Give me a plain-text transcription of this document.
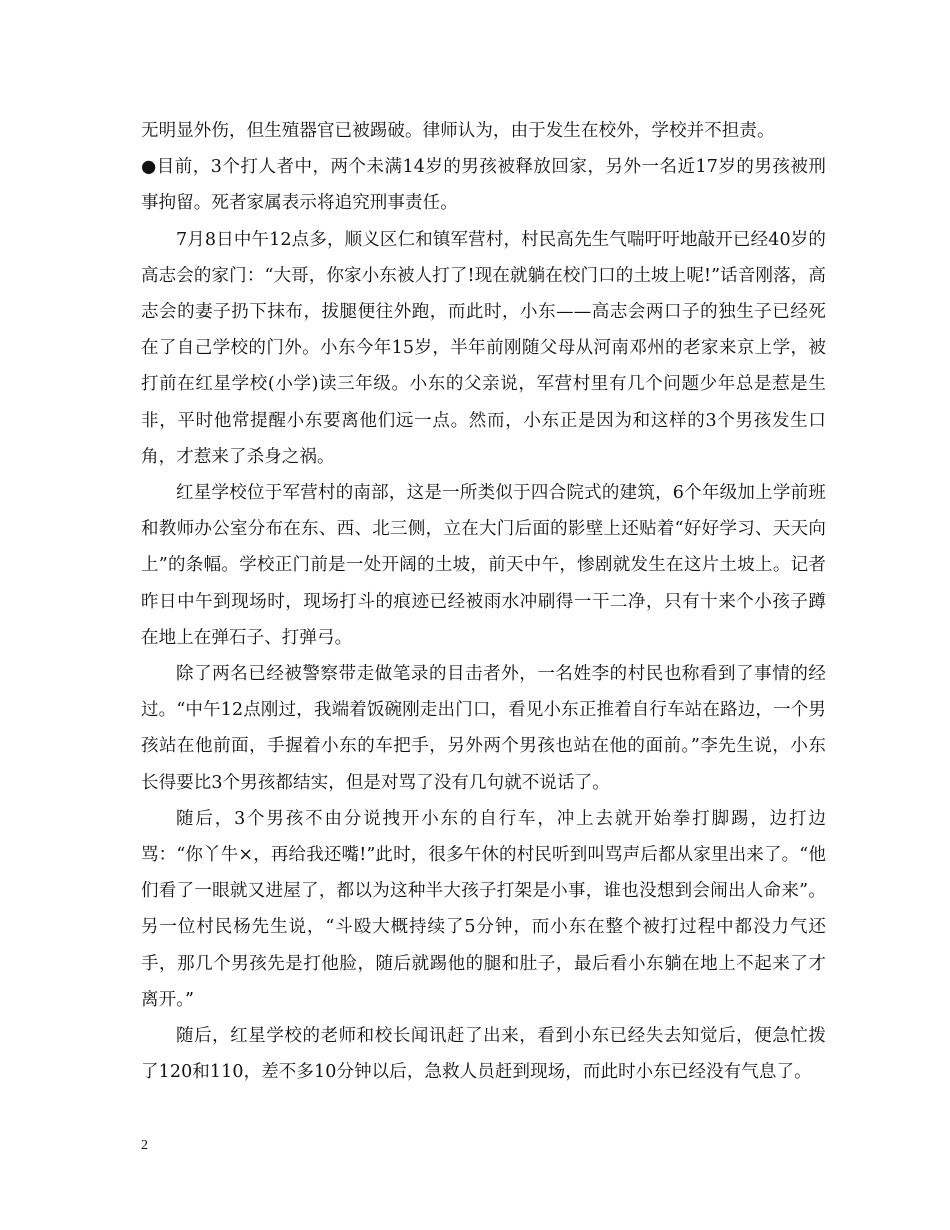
无明显外伤，但生殖器官已被踢破。律师认为，由于发生在校外，学校并不担责。

●目前，3个打人者中，两个未满14岁的男孩被释放回家，另外一名近17岁的男孩被刑事拘留。死者家属表示将追究刑事责任。

7月8日中午12点多，顺义区仁和镇军营村，村民高先生气喘吁吁地敲开已经40岁的高志会的家门：“大哥，你家小东被人打了!现在就躺在校门口的土坡上呢!”话音刚落，高志会的妻子扔下抹布，拔腿便往外跑，而此时，小东——高志会两口子的独生子已经死在了自己学校的门外。小东今年15岁，半年前刚随父母从河南邓州的老家来京上学，被打前在红星学校(小学)读三年级。小东的父亲说，军营村里有几个问题少年总是惹是生非，平时他常提醒小东要离他们远一点。然而，小东正是因为和这样的3个男孩发生口角，才惹来了杀身之祸。

红星学校位于军营村的南部，这是一所类似于四合院式的建筑，6个年级加上学前班和教师办公室分布在东、西、北三侧，立在大门后面的影壁上还贴着“好好学习、天天向上”的条幅。学校正门前是一处开阔的土坡，前天中午，惨剧就发生在这片土坡上。记者昨日中午到现场时，现场打斗的痕迹已经被雨水冲刷得一干二净，只有十来个小孩子蹲在地上在弹石子、打弹弓。

除了两名已经被警察带走做笔录的目击者外，一名姓李的村民也称看到了事情的经过。“中午12点刚过，我端着饭碗刚走出门口，看见小东正推着自行车站在路边，一个男孩站在他前面，手握着小东的车把手，另外两个男孩也站在他的面前。”李先生说，小东长得要比3个男孩都结实，但是对骂了没有几句就不说话了。

随后，3个男孩不由分说拽开小东的自行车，冲上去就开始拳打脚踢，边打边骂：“你丫牛×，再给我还嘴!”此时，很多午休的村民听到叫骂声后都从家里出来了。“他们看了一眼就又进屋了，都以为这种半大孩子打架是小事，谁也没想到会闹出人命来”。另一位村民杨先生说，“斗殴大概持续了5分钟，而小东在整个被打过程中都没力气还手，那几个男孩先是打他脸，随后就踢他的腿和肚子，最后看小东躺在地上不起来了才离开。”

随后，红星学校的老师和校长闻讯赶了出来，看到小东已经失去知觉后，便急忙拨了120和110，差不多10分钟以后，急救人员赶到现场，而此时小东已经没有气息了。

2
